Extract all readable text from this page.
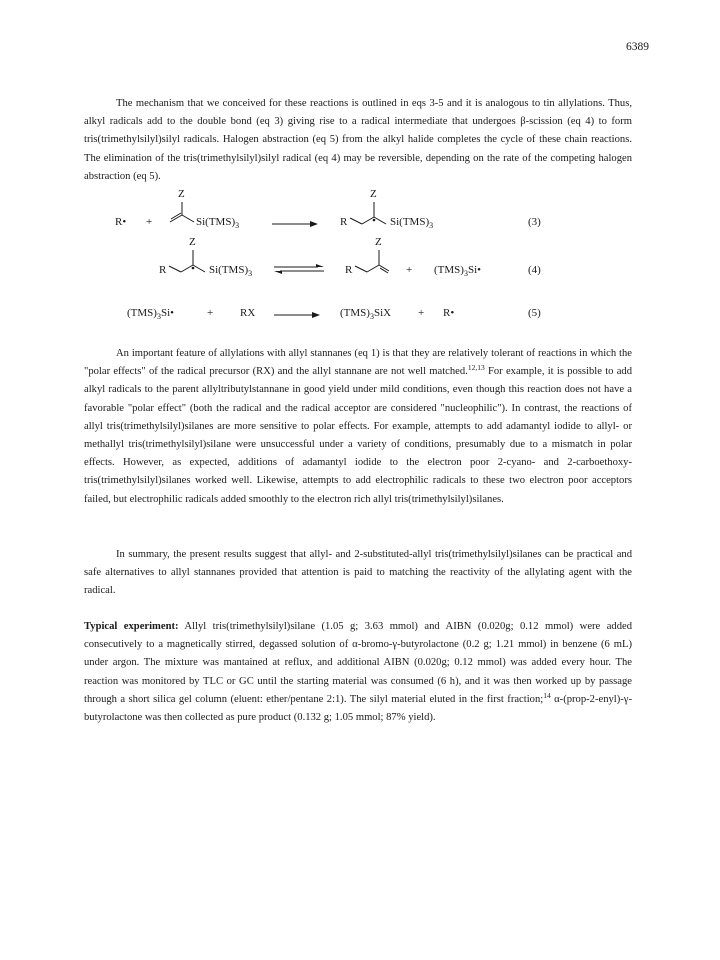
6389

The mechanism that we conceived for these reactions is outlined in eqs 3-5 and it is analogous to tin allylations. Thus, alkyl radicals add to the double bond (eq 3) giving rise to a radical intermediate that undergoes β-scission (eq 4) to form tris(trimethylsilyl)silyl radicals. Halogen abstraction (eq 5) from the alkyl halide completes the cycle of these chain reactions. The elimination of the tris(trimethylsilyl)silyl radical (eq 4) may be reversible, depending on the rate of the competing halogen abstraction (eq 5).

R• +
Z
$Si(TMS)_3$	R
Z
$Si(TMS)_3$	(3)
R
Z
$Si(TMS)_3$	R
Z
+ $(TMS)_3Si•$	(4)
$(TMS)_3Si•$	+ RX	$(TMS)_3SiX$ + R•	(5)

An important feature of allylations with allyl stannanes (eq 1) is that they are relatively tolerant of reactions in which the "polar effects" of the radical precursor (RX) and the allyl stannane are not well matched.$^{12,13}$ For example, it is possible to add alkyl radicals to the parent allyltributylstannane in good yield under mild conditions, even though this reaction does not have a favorable "polar effect" (both the radical and the radical acceptor are considered "nucleophilic"). In contrast, the reactions of allyl tris(trimethylsilyl)silanes are more sensitive to polar effects. For example, attempts to add adamantyl iodide to allyl- or methallyl tris(trimethylsilyl)silane were unsuccessful under a variety of conditions, presumably due to a mismatch in polar effects. However, as expected, additions of adamantyl iodide to the electron poor 2-cyano- and 2-carboethoxy-tris(trimethylsilyl)silanes worked well. Likewise, attempts to add electrophilic radicals to these two electron poor acceptors failed, but electrophilic radicals added smoothly to the electron rich allyl tris(trimethylsilyl)silanes.

In summary, the present results suggest that allyl- and 2-substituted-allyl tris(trimethylsilyl)silanes can be practical and safe alternatives to allyl stannanes provided that attention is paid to matching the reactivity of the allylating agent with the radical.

Typical experiment: Allyl tris(trimethylsilyl)silane (1.05 g; 3.63 mmol) and AIBN (0.020g; 0.12 mmol) were added consecutively to a magnetically stirred, degassed solution of α-bromo-γ-butyrolactone (0.2 g; 1.21 mmol) in benzene (6 mL) under argon. The mixture was mantained at reflux, and additional AIBN (0.020g; 0.12 mmol) was added every hour. The reaction was monitored by TLC or GC until the starting material was consumed (6 h), and it was then worked up by passage through a short silica gel column (eluent: ether/pentane 2:1). The silyl material eluted in the first fraction;$^{14}$ α-(prop-2-enyl)-γ-butyrolactone was then collected as pure product (0.132 g; 1.05 mmol; 87% yield).
